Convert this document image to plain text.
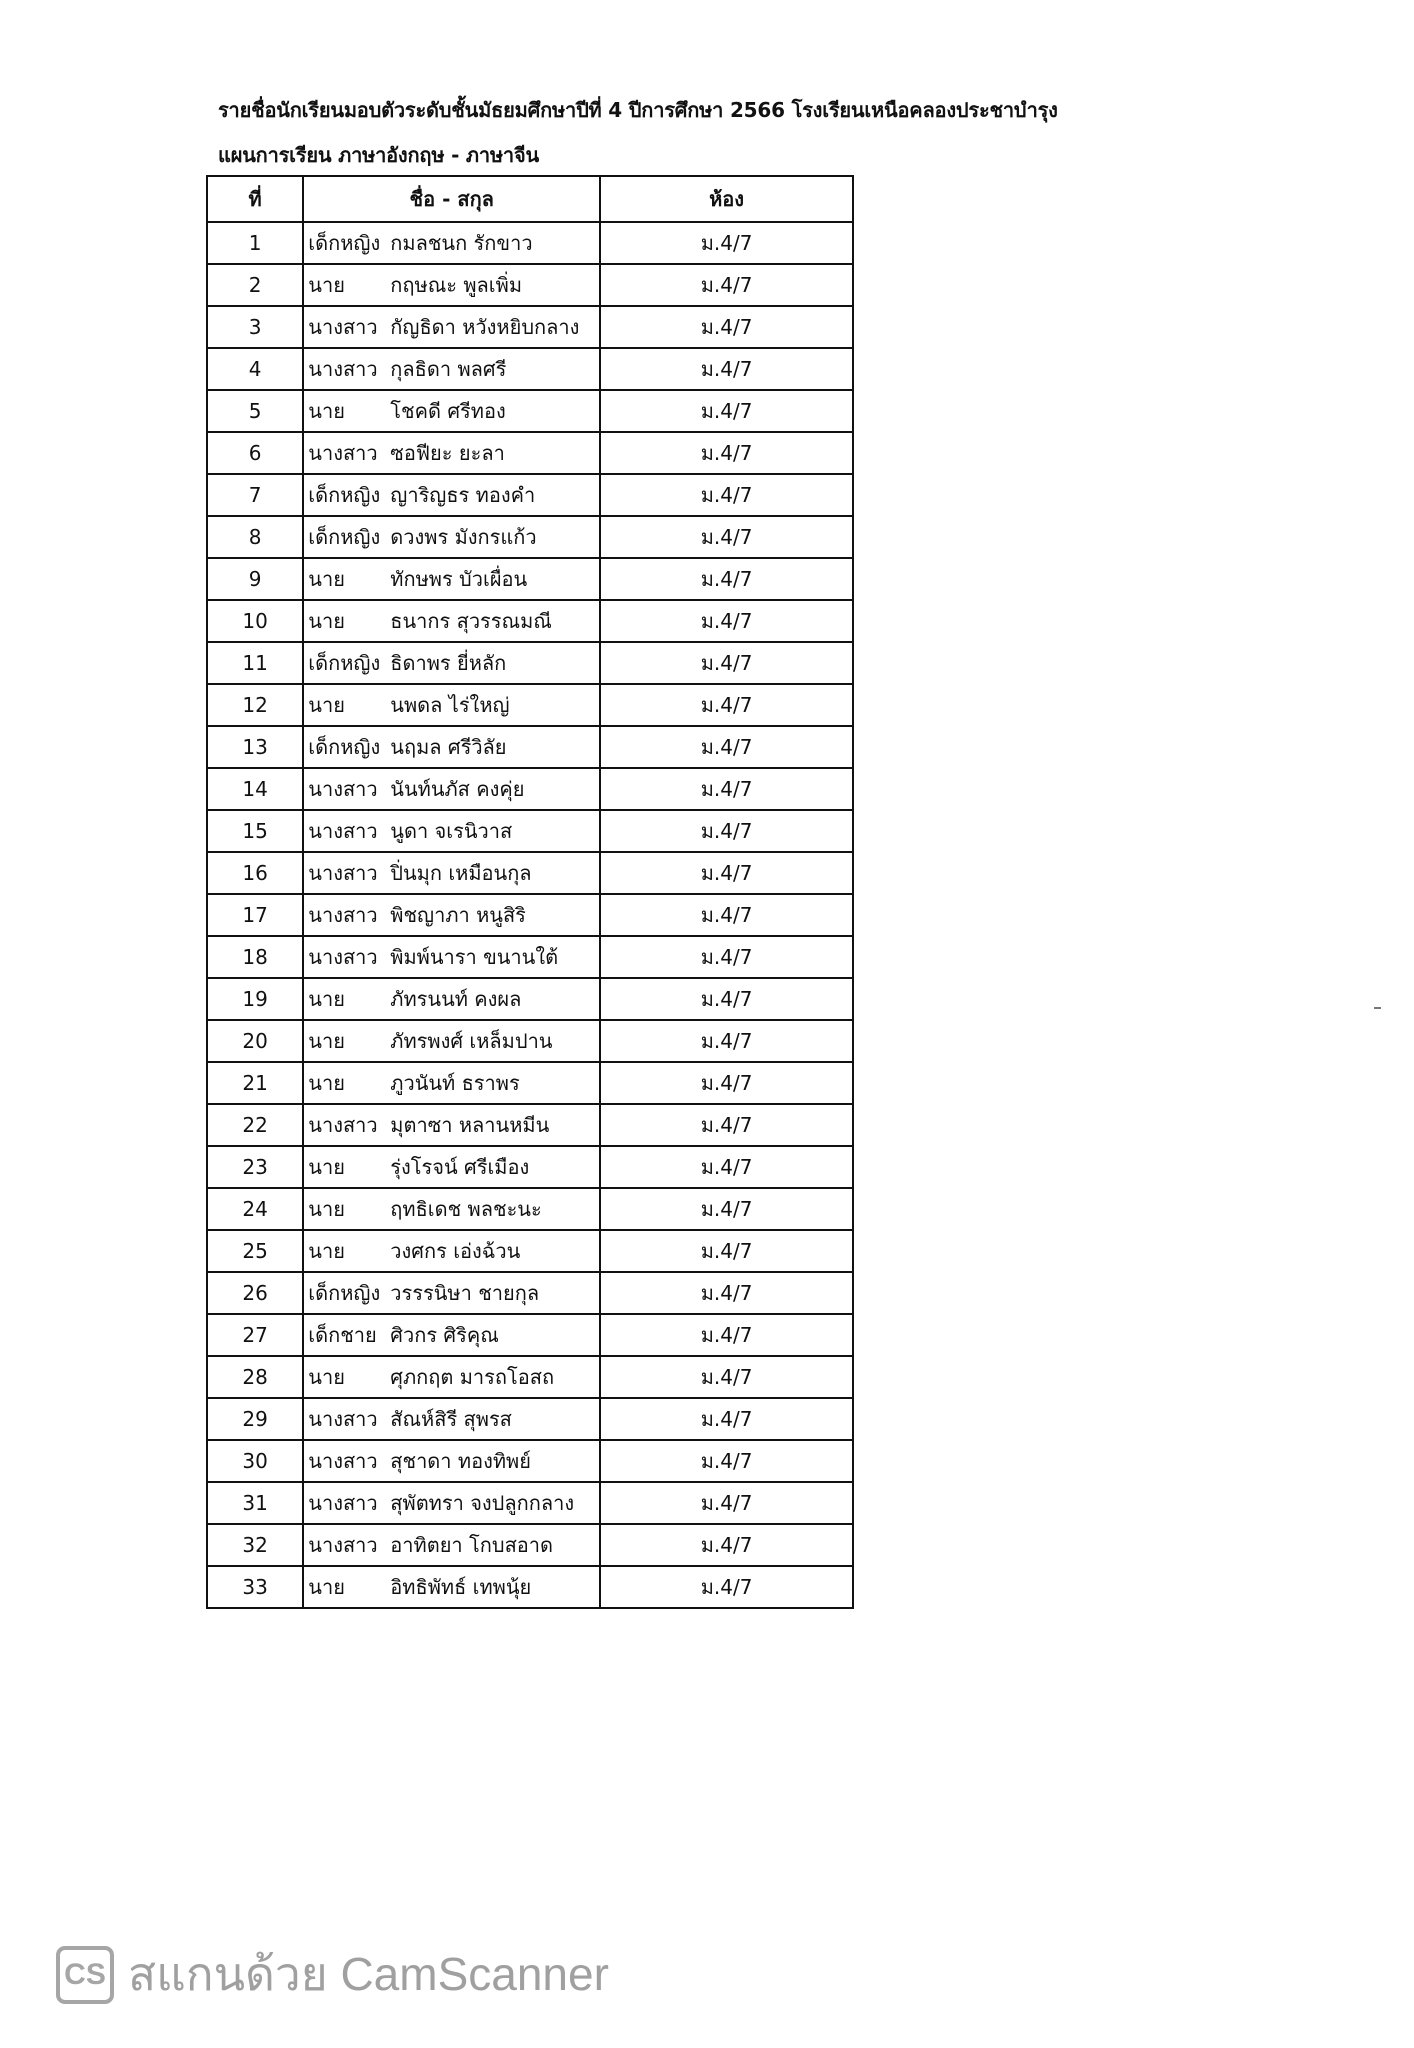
รายชื่อนักเรียนมอบตัวระดับชั้นมัธยมศึกษาปีที่ 4 ปีการศึกษา 2566 โรงเรียนเหนือคลองประชาบำรุง
แผนการเรียน ภาษาอังกฤษ - ภาษาจีน
ที่	ชื่อ - สกุล	ห้อง
1	เด็กหญิง กมลชนก รักขาว	ม.4/7
2	นาย กฤษณะ พูลเพิ่ม	ม.4/7
3	นางสาว กัญธิดา หวังหยิบกลาง	ม.4/7
4	นางสาว กุลธิดา พลศรี	ม.4/7
5	นาย โชคดี ศรีทอง	ม.4/7
6	นางสาว ซอฟียะ ยะลา	ม.4/7
7	เด็กหญิง ญาริญธร ทองคำ	ม.4/7
8	เด็กหญิง ดวงพร มังกรแก้ว	ม.4/7
9	นาย ทักษพร บัวเผื่อน	ม.4/7
10	นาย ธนากร สุวรรณมณี	ม.4/7
11	เด็กหญิง ธิดาพร ยี่หลัก	ม.4/7
12	นาย นพดล ไร่ใหญ่	ม.4/7
13	เด็กหญิง นฤมล ศรีวิลัย	ม.4/7
14	นางสาว นันท์นภัส คงคุ่ย	ม.4/7
15	นางสาว นูดา จเรนิวาส	ม.4/7
16	นางสาว ปิ่นมุก เหมือนกุล	ม.4/7
17	นางสาว พิชญาภา หนูสิริ	ม.4/7
18	นางสาว พิมพ์นารา ขนานใต้	ม.4/7
19	นาย ภัทรนนท์ คงผล	ม.4/7
20	นาย ภัทรพงศ์ เหล็มปาน	ม.4/7
21	นาย ภูวนันท์ ธราพร	ม.4/7
22	นางสาว มุตาซา หลานหมีน	ม.4/7
23	นาย รุ่งโรจน์ ศรีเมือง	ม.4/7
24	นาย ฤทธิเดช พลชะนะ	ม.4/7
25	นาย วงศกร เอ่งฉ้วน	ม.4/7
26	เด็กหญิง วรรรนิษา ชายกุล	ม.4/7
27	เด็กชาย ศิวกร ศิริคุณ	ม.4/7
28	นาย ศุภกฤต มารถโอสถ	ม.4/7
29	นางสาว สัณห์สิรี สุพรส	ม.4/7
30	นางสาว สุชาดา ทองทิพย์	ม.4/7
31	นางสาว สุพัตทรา จงปลูกกลาง	ม.4/7
32	นางสาว อาทิตยา โกบสอาด	ม.4/7
33	นาย อิทธิพัทธ์ เทพนุ้ย	ม.4/7
CS สแกนด้วย CamScanner
